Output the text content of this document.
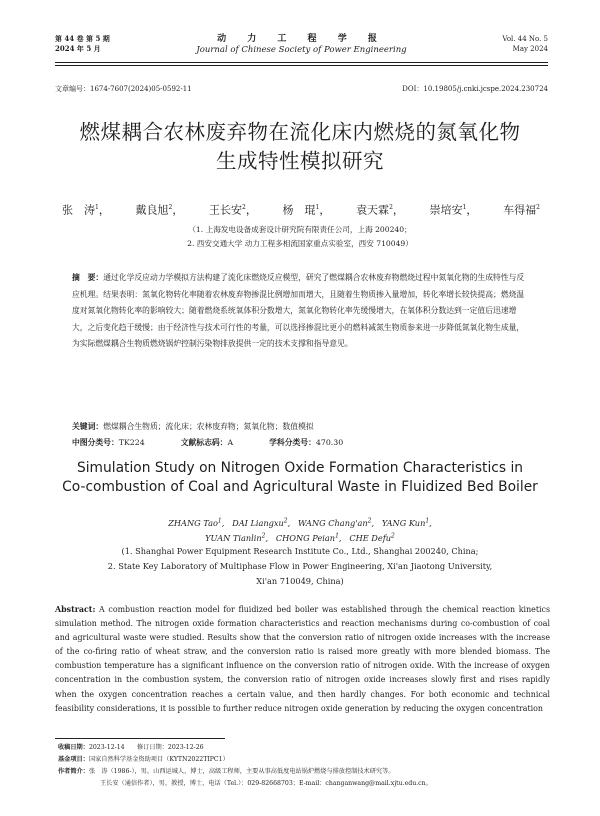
第 44 卷 第 5 期
2024 年 5 月
动 力 工 程 学 报
Journal of Chinese Society of Power Engineering
Vol. 44 No. 5
May 2024
文章编号：1674-7607(2024)05-0592-11	DOI：10.19805/j.cnki.jcspe.2024.230724
燃煤耦合农林废弃物在流化床内燃烧的氮氧化物
生成特性模拟研究
张　涛$^1$， 戴良旭$^2$， 王长安$^2$， 杨　琨$^1$， 袁天霖$^2$， 崇培安$^1$， 车得福$^2$
（1. 上海发电设备成套设计研究院有限责任公司，上海 200240；
2. 西安交通大学 动力工程多相流国家重点实验室，西安 710049）
摘　要：通过化学反应动力学模拟方法构建了流化床燃烧反应模型，研究了燃煤耦合农林废弃物燃烧过程中氮氧化物的生成特性与反应机理。结果表明：氮氧化物转化率随着农林废弃物掺混比例增加而增大，且随着生物质掺入量增加，转化率增长较快提高；燃烧温度对氮氧化物转化率的影响较大；随着燃烧系统氧体积分数增大，氮氧化物转化率先缓慢增大，在氧体积分数达到一定值后迅速增大，之后变化趋于缓慢；由于经济性与技术可行性的考量，可以选择掺混比更小的燃料减氮生物质参来进一步降低氮氧化物生成量，为实际燃煤耦合生物质燃烧锅炉控制污染物排放提供一定的技术支撑和指导意见。
关键词：燃煤耦合生物质；流化床；农林废弃物；氮氧化物；数值模拟
中图分类号：TK224	文献标志码：A	学科分类号：470.30
Simulation Study on Nitrogen Oxide Formation Characteristics in
Co-combustion of Coal and Agricultural Waste in Fluidized Bed Boiler
ZHANG Tao$^1$,   DAI Liangxu$^2$,   WANG $Chang'an^2$,   YANG Kun$^1$,
YUAN Tianlin$^2$,   CHONG Peian$^1$,   CHE Defu$^2$
(1. Shanghai Power Equipment Research Institute Co., Ltd., Shanghai 200240, China;
2. State Key Laboratory of Multiphase Flow in Power Engineering, Xi'an Jiaotong University,
Xi'an 710049, China)
Abstract: A combustion reaction model for fluidized bed boiler was established through the chemical reaction kinetics simulation method. The nitrogen oxide formation characteristics and reaction mechanisms during co-combustion of coal and agricultural waste were studied. Results show that the conversion ratio of nitrogen oxide increases with the increase of the co-firing ratio of wheat straw, and the conversion ratio is raised more greatly with more blended biomass. The combustion temperature has a significant influence on the conversion ratio of nitrogen oxide. With the increase of oxygen concentration in the combustion system, the conversion ratio of nitrogen oxide increases slowly first and rises rapidly when the oxygen concentration reaches a certain value, and then hardly changes. For both economic and technical feasibility considerations, it is possible to further reduce nitrogen oxide generation by reducing the oxygen concentration
收稿日期：2023-12-14　　修订日期：2023-12-26
基金项目：国家自然科学基金资助项目（KYTN2022TIPC1）
作者简介：张　涛（1986-），男，山西运城人，博士，高级工程师，主要从事高低度电站锅炉燃烧与排放控制技术研究等。
王长安（通信作者），男，教授，博士，电话（Tel.）：029-82668703；E-mail：changanwang@mail.xjtu.edu.cn。
